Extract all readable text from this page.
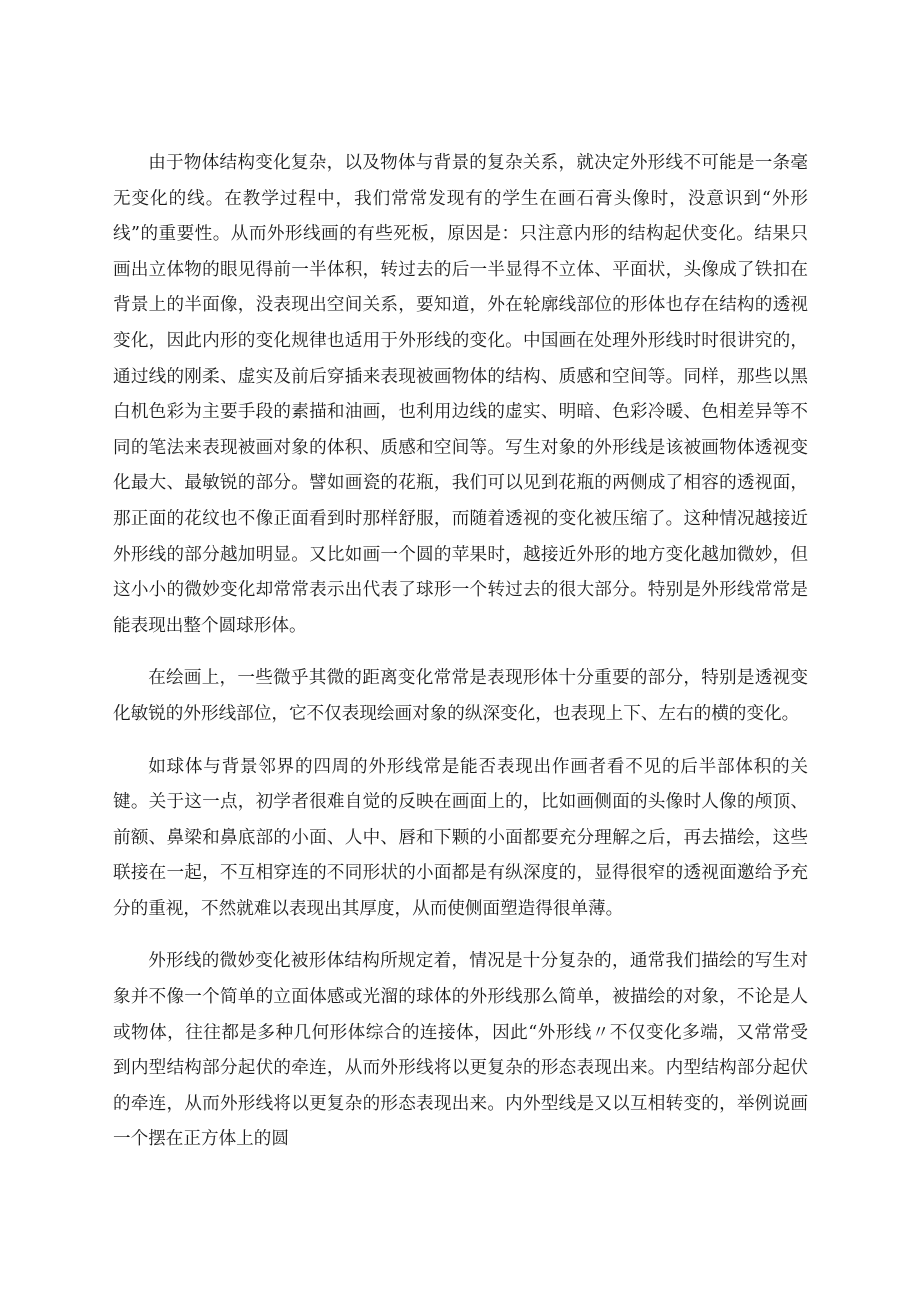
由于物体结构变化复杂，以及物体与背景的复杂关系，就决定外形线不可能是一条毫无变化的线。在教学过程中，我们常常发现有的学生在画石膏头像时，没意识到“外形线”的重要性。从而外形线画的有些死板，原因是：只注意内形的结构起伏变化。结果只画出立体物的眼见得前一半体积，转过去的后一半显得不立体、平面状，头像成了铁扣在背景上的半面像，没表现出空间关系，要知道，外在轮廓线部位的形体也存在结构的透视变化，因此内形的变化规律也适用于外形线的变化。中国画在处理外形线时时很讲究的，通过线的刚柔、虚实及前后穿插来表现被画物体的结构、质感和空间等。同样，那些以黑白机色彩为主要手段的素描和油画，也利用边线的虚实、明暗、色彩冷暖、色相差异等不同的笔法来表现被画对象的体积、质感和空间等。写生对象的外形线是该被画物体透视变化最大、最敏锐的部分。譬如画瓷的花瓶，我们可以见到花瓶的两侧成了相容的透视面，那正面的花纹也不像正面看到时那样舒服，而随着透视的变化被压缩了。这种情况越接近外形线的部分越加明显。又比如画一个圆的苹果时，越接近外形的地方变化越加微妙，但这小小的微妙变化却常常表示出代表了球形一个转过去的很大部分。特别是外形线常常是能表现出整个圆球形体。

在绘画上，一些微乎其微的距离变化常常是表现形体十分重要的部分，特别是透视变化敏锐的外形线部位，它不仅表现绘画对象的纵深变化，也表现上下、左右的横的变化。

如球体与背景邻界的四周的外形线常是能否表现出作画者看不见的后半部体积的关键。关于这一点，初学者很难自觉的反映在画面上的，比如画侧面的头像时人像的颅顶、前额、鼻梁和鼻底部的小面、人中、唇和下颗的小面都要充分理解之后，再去描绘，这些联接在一起，不互相穿连的不同形状的小面都是有纵深度的，显得很窄的透视面邀给予充分的重视，不然就难以表现出其厚度，从而使侧面塑造得很单薄。

外形线的微妙变化被形体结构所规定着，情况是十分复杂的，通常我们描绘的写生对象并不像一个简单的立面体感或光溜的球体的外形线那么简单，被描绘的对象，不论是人或物体，往往都是多种几何形体综合的连接体，因此“外形线〃不仅变化多端，又常常受到内型结构部分起伏的牵连，从而外形线将以更复杂的形态表现出来。内型结构部分起伏的牵连，从而外形线将以更复杂的形态表现出来。内外型线是又以互相转变的，举例说画一个摆在正方体上的圆
